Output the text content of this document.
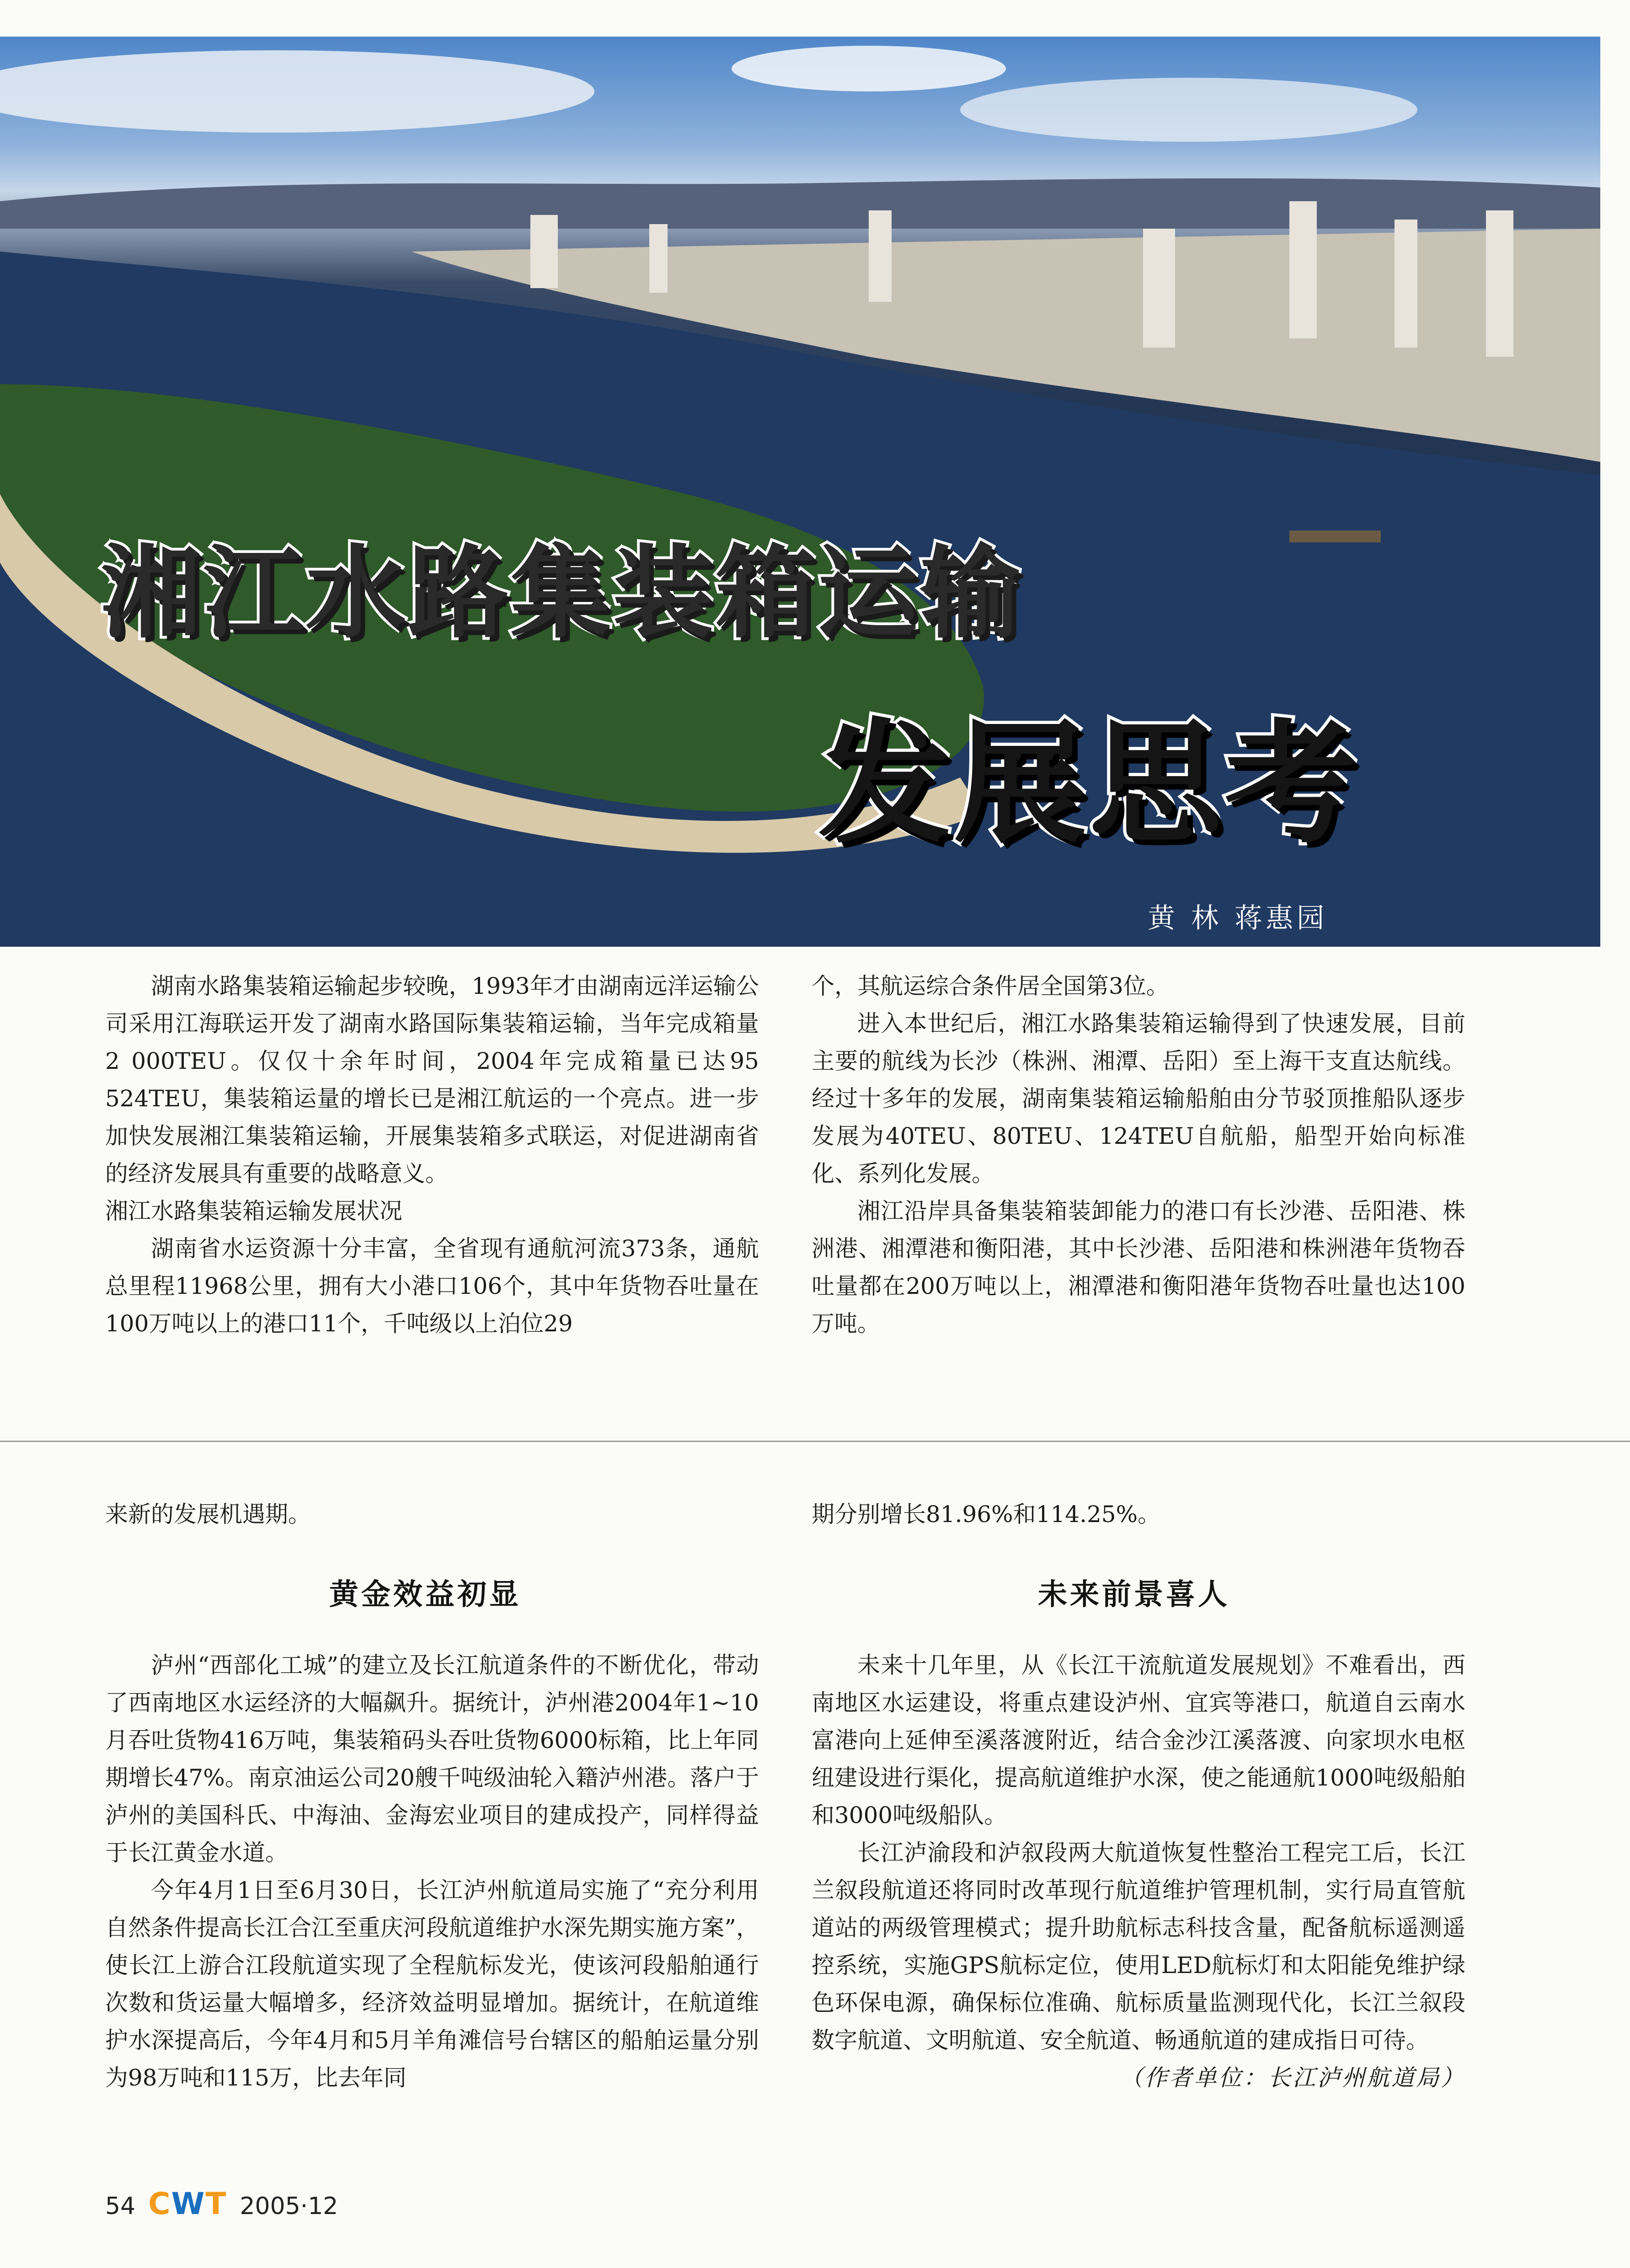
湘江水路集装箱运输
发展思考
黄 林 蒋惠园

湖南水路集装箱运输起步较晚，1993年才由湖南远洋运输公司采用江海联运开发了湖南水路国际集装箱运输，当年完成箱量2 000TEU。仅仅十余年时间，2004年完成箱量已达95 524TEU，集装箱运量的增长已是湘江航运的一个亮点。进一步加快发展湘江集装箱运输，开展集装箱多式联运，对促进湖南省的经济发展具有重要的战略意义。

湘江水路集装箱运输发展状况

湖南省水运资源十分丰富，全省现有通航河流373条，通航总里程11968公里，拥有大小港口106个，其中年货物吞吐量在100万吨以上的港口11个，千吨级以上泊位29

个，其航运综合条件居全国第3位。

进入本世纪后，湘江水路集装箱运输得到了快速发展，目前主要的航线为长沙（株洲、湘潭、岳阳）至上海干支直达航线。经过十多年的发展，湖南集装箱运输船舶由分节驳顶推船队逐步发展为40TEU、80TEU、124TEU自航船，船型开始向标准化、系列化发展。

湘江沿岸具备集装箱装卸能力的港口有长沙港、岳阳港、株洲港、湘潭港和衡阳港，其中长沙港、岳阳港和株洲港年货物吞吐量都在200万吨以上，湘潭港和衡阳港年货物吞吐量也达100万吨。

来新的发展机遇期。

黄金效益初显

泸州“西部化工城”的建立及长江航道条件的不断优化，带动了西南地区水运经济的大幅飙升。据统计，泸州港2004年1~10月吞吐货物416万吨，集装箱码头吞吐货物6000标箱，比上年同期增长47%。南京油运公司20艘千吨级油轮入籍泸州港。落户于泸州的美国科氏、中海油、金海宏业项目的建成投产，同样得益于长江黄金水道。

今年4月1日至6月30日，长江泸州航道局实施了“充分利用自然条件提高长江合江至重庆河段航道维护水深先期实施方案”，使长江上游合江段航道实现了全程航标发光，使该河段船舶通行次数和货运量大幅增多，经济效益明显增加。据统计，在航道维护水深提高后，今年4月和5月羊角滩信号台辖区的船舶运量分别为98万吨和115万，比去年同

期分别增长81.96%和114.25%。

未来前景喜人

未来十几年里，从《长江干流航道发展规划》不难看出，西南地区水运建设，将重点建设泸州、宜宾等港口，航道自云南水富港向上延伸至溪落渡附近，结合金沙江溪落渡、向家坝水电枢纽建设进行渠化，提高航道维护水深，使之能通航1000吨级船舶和3000吨级船队。

长江泸渝段和泸叙段两大航道恢复性整治工程完工后，长江兰叙段航道还将同时改革现行航道维护管理机制，实行局直管航道站的两级管理模式；提升助航标志科技含量，配备航标遥测遥控系统，实施GPS航标定位，使用LED航标灯和太阳能免维护绿色环保电源，确保标位准确、航标质量监测现代化，长江兰叙段数字航道、文明航道、安全航道、畅通航道的建成指日可待。

（作者单位：长江泸州航道局）

54 CWT 2005·12
